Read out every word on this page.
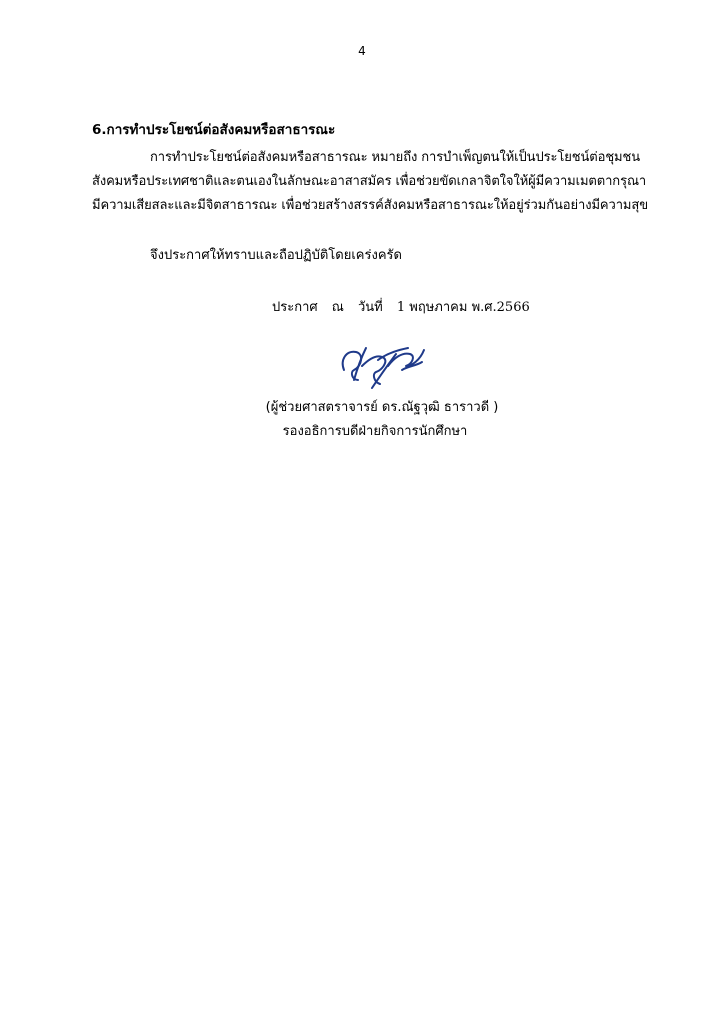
4
6.การทำประโยชน์ต่อสังคมหรือสาธารณะ
การทำประโยชน์ต่อสังคมหรือสาธารณะ หมายถึง การบำเพ็ญตนให้เป็นประโยชน์ต่อชุมชน
สังคมหรือประเทศชาติและตนเองในลักษณะอาสาสมัคร เพื่อช่วยขัดเกลาจิตใจให้ผู้มีความเมตตากรุณา
มีความเสียสละและมีจิตสาธารณะ เพื่อช่วยสร้างสรรค์สังคมหรือสาธารณะให้อยู่ร่วมกันอย่างมีความสุข
จึงประกาศให้ทราบและถือปฏิบัติโดยเคร่งครัด
ประกาศ ณ วันที่ 1 พฤษภาคม พ.ศ.2566
(ผู้ช่วยศาสตราจารย์ ดร.ณัฐวุฒิ ธาราวดี )
รองอธิการบดีฝ่ายกิจการนักศึกษา
